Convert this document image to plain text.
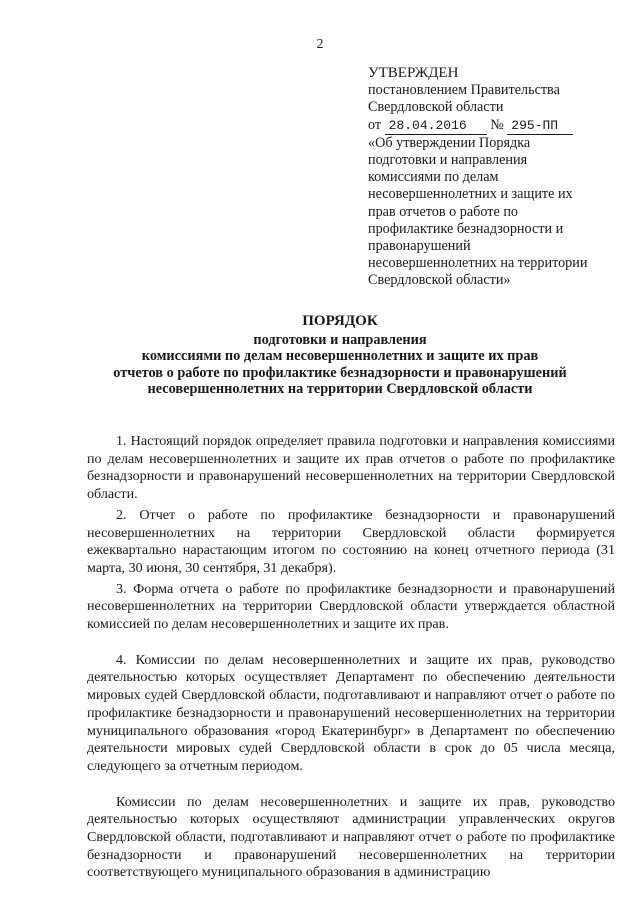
2
УТВЕРЖДЕН
постановлением Правительства
Свердловской области
от 28.04.2016 № 295-ПП
«Об утверждении Порядка
подготовки и направления
комиссиями по делам
несовершеннолетних и защите их
прав отчетов о работе по
профилактике безнадзорности и
правонарушений
несовершеннолетних на территории
Свердловской области»
ПОРЯДОК
подготовки и направления
комиссиями по делам несовершеннолетних и защите их прав
отчетов о работе по профилактике безнадзорности и правонарушений
несовершеннолетних на территории Свердловской области

1. Настоящий порядок определяет правила подготовки и направления комиссиями по делам несовершеннолетних и защите их прав отчетов о работе по профилактике безнадзорности и правонарушений несовершеннолетних на территории Свердловской области.

2. Отчет о работе по профилактике безнадзорности и правонарушений несовершеннолетних на территории Свердловской области формируется ежеквартально нарастающим итогом по состоянию на конец отчетного периода (31 марта, 30 июня, 30 сентября, 31 декабря).

3. Форма отчета о работе по профилактике безнадзорности и правонарушений несовершеннолетних на территории Свердловской области утверждается областной комиссией по делам несовершеннолетних и защите их прав.

4. Комиссии по делам несовершеннолетних и защите их прав, руководство деятельностью которых осуществляет Департамент по обеспечению деятельности мировых судей Свердловской области, подготавливают и направляют отчет о работе по профилактике безнадзорности и правонарушений несовершеннолетних на территории муниципального образования «город Екатеринбург» в Департамент по обеспечению деятельности мировых судей Свердловской области в срок до 05 числа месяца, следующего за отчетным периодом.

Комиссии по делам несовершеннолетних и защите их прав, руководство деятельностью которых осуществляют администрации управленческих округов Свердловской области, подготавливают и направляют отчет о работе по профилактике безнадзорности и правонарушений несовершеннолетних на территории соответствующего муниципального образования в администрацию
